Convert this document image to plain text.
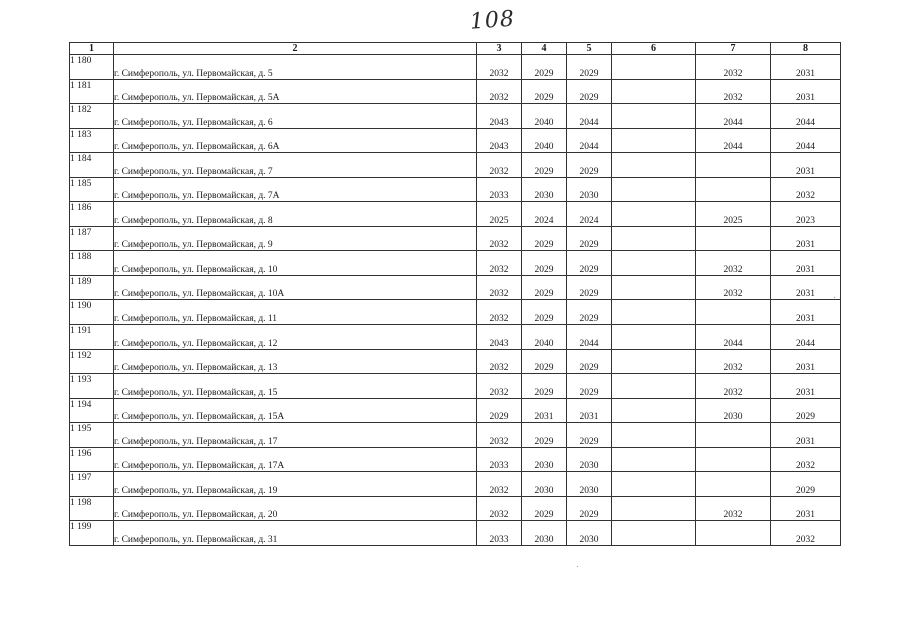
108
1	2	3	4	5	6	7	8
1 180	г. Симферополь, ул. Первомайская, д. 5	2032	2029	2029		2032	2031
1 181	г. Симферополь, ул. Первомайская, д. 5А	2032	2029	2029		2032	2031
1 182	г. Симферополь, ул. Первомайская, д. 6	2043	2040	2044		2044	2044
1 183	г. Симферополь, ул. Первомайская, д. 6А	2043	2040	2044		2044	2044
1 184	г. Симферополь, ул. Первомайская, д. 7	2032	2029	2029			2031
1 185	г. Симферополь, ул. Первомайская, д. 7А	2033	2030	2030			2032
1 186	г. Симферополь, ул. Первомайская, д. 8	2025	2024	2024		2025	2023
1 187	г. Симферополь, ул. Первомайская, д. 9	2032	2029	2029			2031
1 188	г. Симферополь, ул. Первомайская, д. 10	2032	2029	2029		2032	2031
1 189	г. Симферополь, ул. Первомайская, д. 10А	2032	2029	2029		2032	2031
1 190	г. Симферополь, ул. Первомайская, д. 11	2032	2029	2029			2031
1 191	г. Симферополь, ул. Первомайская, д. 12	2043	2040	2044		2044	2044
1 192	г. Симферополь, ул. Первомайская, д. 13	2032	2029	2029		2032	2031
1 193	г. Симферополь, ул. Первомайская, д. 15	2032	2029	2029		2032	2031
1 194	г. Симферополь, ул. Первомайская, д. 15А	2029	2031	2031		2030	2029
1 195	г. Симферополь, ул. Первомайская, д. 17	2032	2029	2029			2031
1 196	г. Симферополь, ул. Первомайская, д. 17А	2033	2030	2030			2032
1 197	г. Симферополь, ул. Первомайская, д. 19	2032	2030	2030			2029
1 198	г. Симферополь, ул. Первомайская, д. 20	2032	2029	2029		2032	2031
1 199	г. Симферополь, ул. Первомайская, д. 31	2033	2030	2030			2032
